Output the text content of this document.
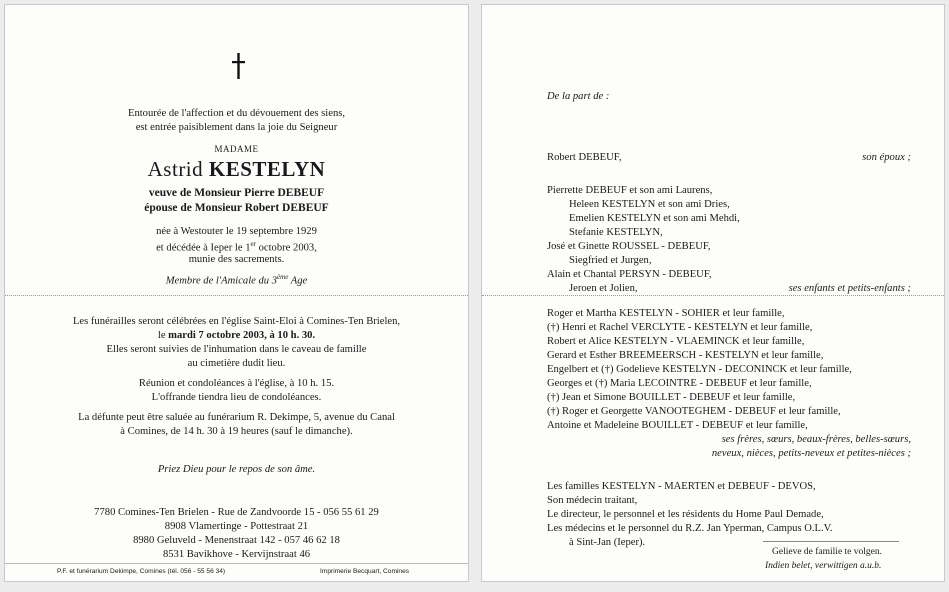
Entourée de l'affection et du dévouement des siens,
est entrée paisiblement dans la joie du Seigneur
MADAME
Astrid KESTELYN
veuve de Monsieur Pierre DEBEUF
épouse de Monsieur Robert DEBEUF
née à Westouter le 19 septembre 1929
et décédée à Ieper le 1er octobre 2003,
munie des sacrements.
Membre de l'Amicale du 3ème Age
Les funérailles seront célébrées en l'église Saint-Eloi à Comines-Ten Brielen,
le mardi 7 octobre 2003, à 10 h. 30.
Elles seront suivies de l'inhumation dans le caveau de famille
au cimetière dudit lieu.
Réunion et condoléances à l'église, à 10 h. 15.
L'offrande tiendra lieu de condoléances.
La défunte peut être saluée au funérarium R. Dekimpe, 5, avenue du Canal
à Comines, de 14 h. 30 à 19 heures (sauf le dimanche).
Priez Dieu pour le repos de son âme.
7780 Comines-Ten Brielen - Rue de Zandvoorde 15 - 056 55 61 29
8908 Vlamertinge - Pottestraat 21
8980 Geluveld - Menenstraat 142 - 057 46 62 18
8531 Bavikhove - Kervijnstraat 46
P.F. et funérarium Dekimpe, Comines (tél. 056 - 55 56 34)	Imprimerie Becquart, Comines
De la part de :
Robert DEBEUF,	son époux ;
Pierrette DEBEUF et son ami Laurens,
Heleen KESTELYN et son ami Dries,
Emelien KESTELYN et son ami Mehdi,
Stefanie KESTELYN,
José et Ginette ROUSSEL - DEBEUF,
Siegfried et Jurgen,
Alain et Chantal PERSYN - DEBEUF,
Jeroen et Jolien,	ses enfants et petits-enfants ;
Roger et Martha KESTELYN - SOHIER et leur famille,
(†) Henri et Rachel VERCLYTE - KESTELYN et leur famille,
Robert et Alice KESTELYN - VLAEMINCK et leur famille,
Gerard et Esther BREEMEERSCH - KESTELYN et leur famille,
Engelbert et (†) Godelieve KESTELYN - DECONINCK et leur famille,
Georges et (†) Maria LECOINTRE - DEBEUF et leur famille,
(†) Jean et Simone BOUILLET - DEBEUF et leur famille,
(†) Roger et Georgette VANOOTEGHEM - DEBEUF et leur famille,
Antoine et Madeleine BOUILLET - DEBEUF et leur famille,
ses frères, sœurs, beaux-frères, belles-sœurs,
neveux, nièces, petits-neveux et petites-nièces ;
Les familles KESTELYN - MAERTEN et DEBEUF - DEVOS,
Son médecin traitant,
Le directeur, le personnel et les résidents du Home Paul Demade,
Les médecins et le personnel du R.Z. Jan Yperman, Campus O.L.V.
à Sint-Jan (Ieper).
Gelieve de familie te volgen.
Indien belet, verwittigen a.u.b.
